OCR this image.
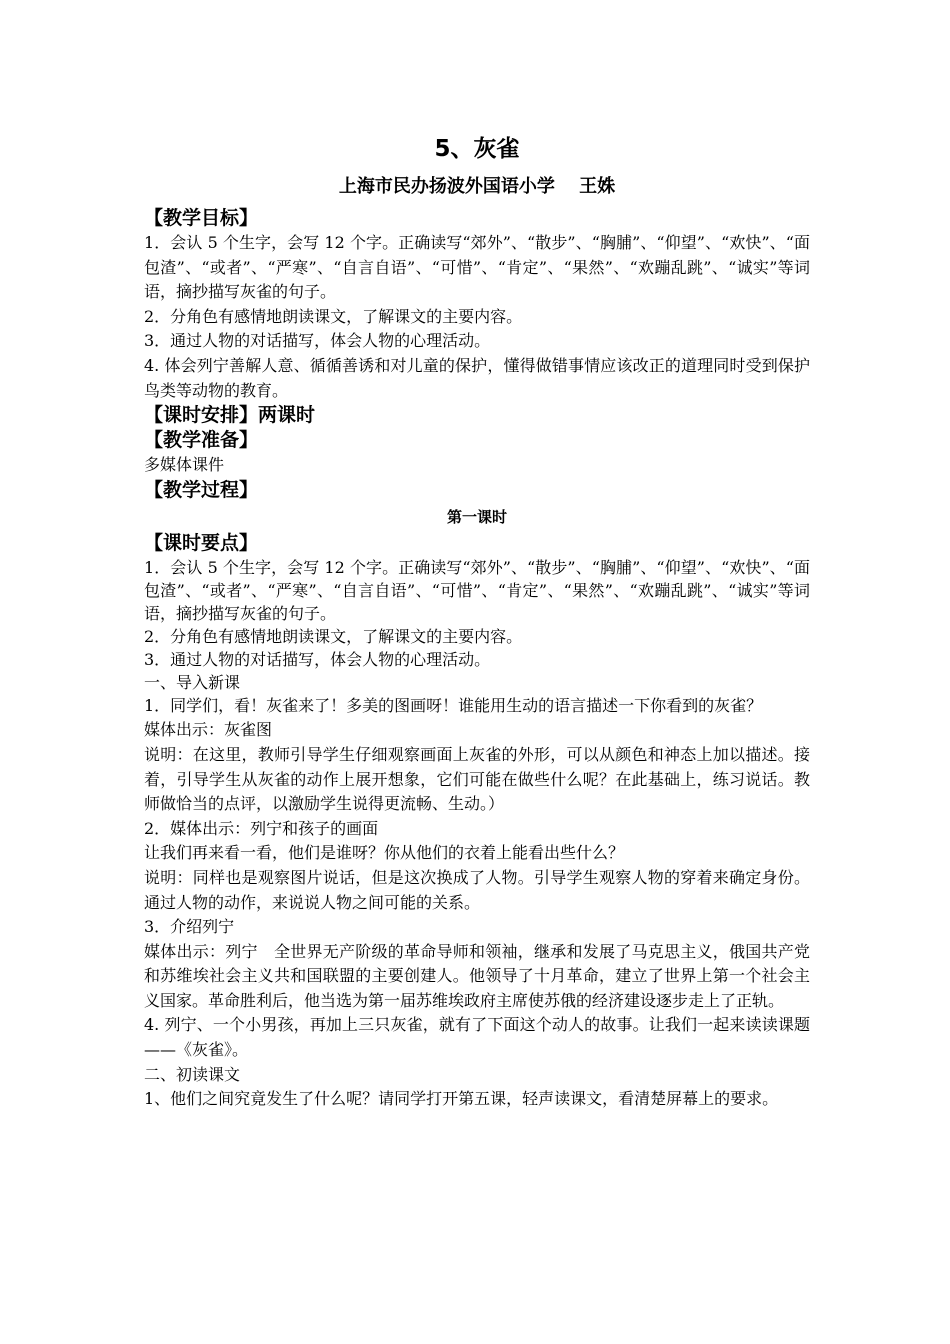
5、灰雀
上海市民办扬波外国语小学　 王姝
【教学目标】
1．会认 5 个生字，会写 12 个字。正确读写“郊外”、“散步”、“胸脯”、“仰望”、“欢快”、“面包渣”、“或者”、“严寒”、“自言自语”、“可惜”、“肯定”、“果然”、“欢蹦乱跳”、“诚实”等词语，摘抄描写灰雀的句子。
2．分角色有感情地朗读课文，了解课文的主要内容。
3．通过人物的对话描写，体会人物的心理活动。
4. 体会列宁善解人意、循循善诱和对儿童的保护，懂得做错事情应该改正的道理同时受到保护鸟类等动物的教育。
【课时安排】两课时
【教学准备】
多媒体课件
【教学过程】
第一课时
【课时要点】
1．会认 5 个生字，会写 12 个字。正确读写“郊外”、“散步”、“胸脯”、“仰望”、“欢快”、“面包渣”、“或者”、“严寒”、“自言自语”、“可惜”、“肯定”、“果然”、“欢蹦乱跳”、“诚实”等词语，摘抄描写灰雀的句子。
2．分角色有感情地朗读课文，了解课文的主要内容。
3．通过人物的对话描写，体会人物的心理活动。
一、导入新课
1．同学们，看！灰雀来了！多美的图画呀！谁能用生动的语言描述一下你看到的灰雀？
媒体出示：灰雀图
说明：在这里，教师引导学生仔细观察画面上灰雀的外形，可以从颜色和神态上加以描述。接着，引导学生从灰雀的动作上展开想象，它们可能在做些什么呢？在此基础上，练习说话。教师做恰当的点评，以激励学生说得更流畅、生动。）
2．媒体出示：列宁和孩子的画面
让我们再来看一看，他们是谁呀？你从他们的衣着上能看出些什么？
说明：同样也是观察图片说话，但是这次换成了人物。引导学生观察人物的穿着来确定身份。通过人物的动作，来说说人物之间可能的关系。
3．介绍列宁
媒体出示：列宁　全世界无产阶级的革命导师和领袖，继承和发展了马克思主义，俄国共产党和苏维埃社会主义共和国联盟的主要创建人。他领导了十月革命，建立了世界上第一个社会主义国家。革命胜利后，他当选为第一届苏维埃政府主席使苏俄的经济建设逐步走上了正轨。
4. 列宁、一个小男孩，再加上三只灰雀，就有了下面这个动人的故事。让我们一起来读读课题——《灰雀》。
二、初读课文
1、他们之间究竟发生了什么呢？请同学打开第五课，轻声读课文，看清楚屏幕上的要求。
